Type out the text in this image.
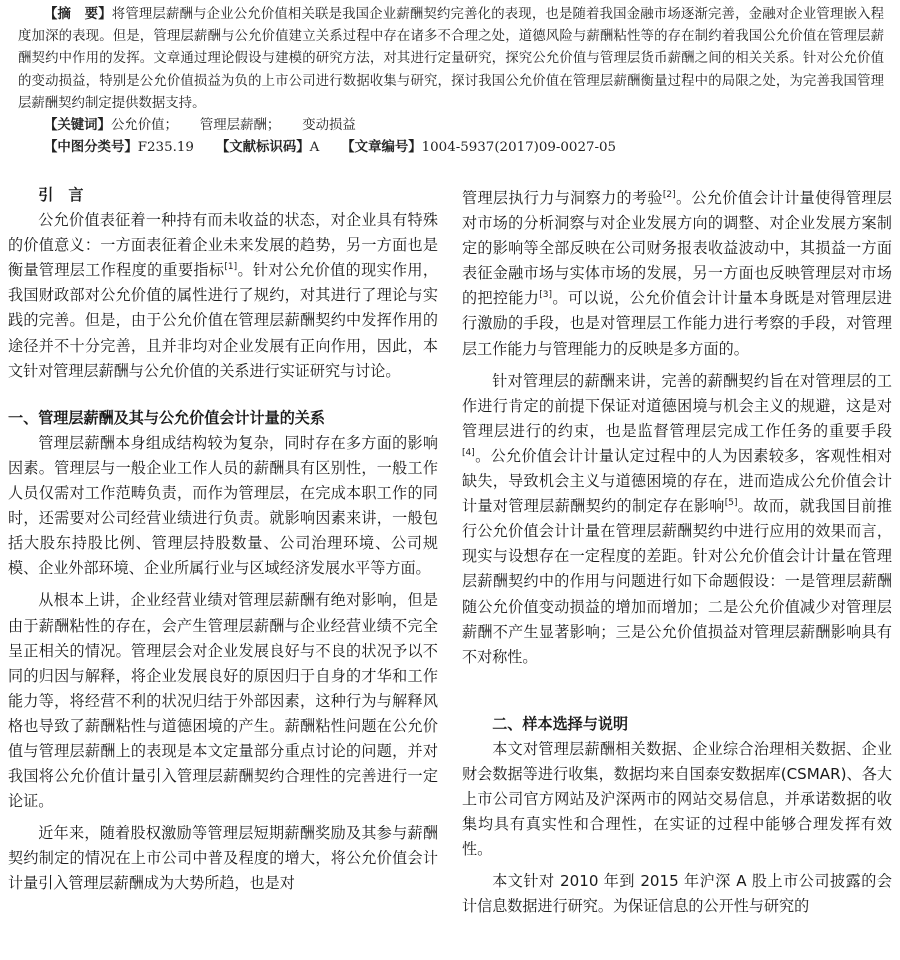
【摘　要】将管理层薪酬与企业公允价值相关联是我国企业薪酬契约完善化的表现，也是随着我国金融市场逐渐完善，金融对企业管理嵌入程度加深的表现。但是，管理层薪酬与公允价值建立关系过程中存在诸多不合理之处，道德风险与薪酬粘性等的存在制约着我国公允价值在管理层薪酬契约中作用的发挥。文章通过理论假设与建模的研究方法，对其进行定量研究，探究公允价值与管理层货币薪酬之间的相关关系。针对公允价值的变动损益，特别是公允价值损益为负的上市公司进行数据收集与研究，探讨我国公允价值在管理层薪酬衡量过程中的局限之处，为完善我国管理层薪酬契约制定提供数据支持。

【关键词】公允价值； 管理层薪酬； 变动损益

【中图分类号】F235.19 【文献标识码】A 【文章编号】1004-5937(2017)09-0027-05

引　言

公允价值表征着一种持有而未收益的状态，对企业具有特殊的价值意义：一方面表征着企业未来发展的趋势，另一方面也是衡量管理层工作程度的重要指标[1]。针对公允价值的现实作用，我国财政部对公允价值的属性进行了规约，对其进行了理论与实践的完善。但是，由于公允价值在管理层薪酬契约中发挥作用的途径并不十分完善，且并非均对企业发展有正向作用，因此，本文针对管理层薪酬与公允价值的关系进行实证研究与讨论。

一、管理层薪酬及其与公允价值会计计量的关系

管理层薪酬本身组成结构较为复杂，同时存在多方面的影响因素。管理层与一般企业工作人员的薪酬具有区别性，一般工作人员仅需对工作范畴负责，而作为管理层，在完成本职工作的同时，还需要对公司经营业绩进行负责。就影响因素来讲，一般包括大股东持股比例、管理层持股数量、公司治理环境、公司规模、企业外部环境、企业所属行业与区域经济发展水平等方面。

从根本上讲，企业经营业绩对管理层薪酬有绝对影响，但是由于薪酬粘性的存在，会产生管理层薪酬与企业经营业绩不完全呈正相关的情况。管理层会对企业发展良好与不良的状况予以不同的归因与解释，将企业发展良好的原因归于自身的才华和工作能力等，将经营不利的状况归结于外部因素，这种行为与解释风格也导致了薪酬粘性与道德困境的产生。薪酬粘性问题在公允价值与管理层薪酬上的表现是本文定量部分重点讨论的问题，并对我国将公允价值计量引入管理层薪酬契约合理性的完善进行一定论证。

近年来，随着股权激励等管理层短期薪酬奖励及其参与薪酬契约制定的情况在上市公司中普及程度的增大，将公允价值会计计量引入管理层薪酬成为大势所趋，也是对

管理层执行力与洞察力的考验[2]。公允价值会计计量使得管理层对市场的分析洞察与对企业发展方向的调整、对企业发展方案制定的影响等全部反映在公司财务报表收益波动中，其损益一方面表征金融市场与实体市场的发展，另一方面也反映管理层对市场的把控能力[3]。可以说，公允价值会计计量本身既是对管理层进行激励的手段，也是对管理层工作能力进行考察的手段，对管理层工作能力与管理能力的反映是多方面的。

针对管理层的薪酬来讲，完善的薪酬契约旨在对管理层的工作进行肯定的前提下保证对道德困境与机会主义的规避，这是对管理层进行的约束，也是监督管理层完成工作任务的重要手段[4]。公允价值会计计量认定过程中的人为因素较多，客观性相对缺失，导致机会主义与道德困境的存在，进而造成公允价值会计计量对管理层薪酬契约的制定存在影响[5]。故而，就我国目前推行公允价值会计计量在管理层薪酬契约中进行应用的效果而言，现实与设想存在一定程度的差距。针对公允价值会计计量在管理层薪酬契约中的作用与问题进行如下命题假设：一是管理层薪酬随公允价值变动损益的增加而增加；二是公允价值减少对管理层薪酬不产生显著影响；三是公允价值损益对管理层薪酬影响具有不对称性。

二、样本选择与说明

本文对管理层薪酬相关数据、企业综合治理相关数据、企业财会数据等进行收集，数据均来自国泰安数据库(CSMAR)、各大上市公司官方网站及沪深两市的网站交易信息，并承诺数据的收集均具有真实性和合理性，在实证的过程中能够合理发挥有效性。

本文针对 2010 年到 2015 年沪深 A 股上市公司披露的会计信息数据进行研究。为保证信息的公开性与研究的
